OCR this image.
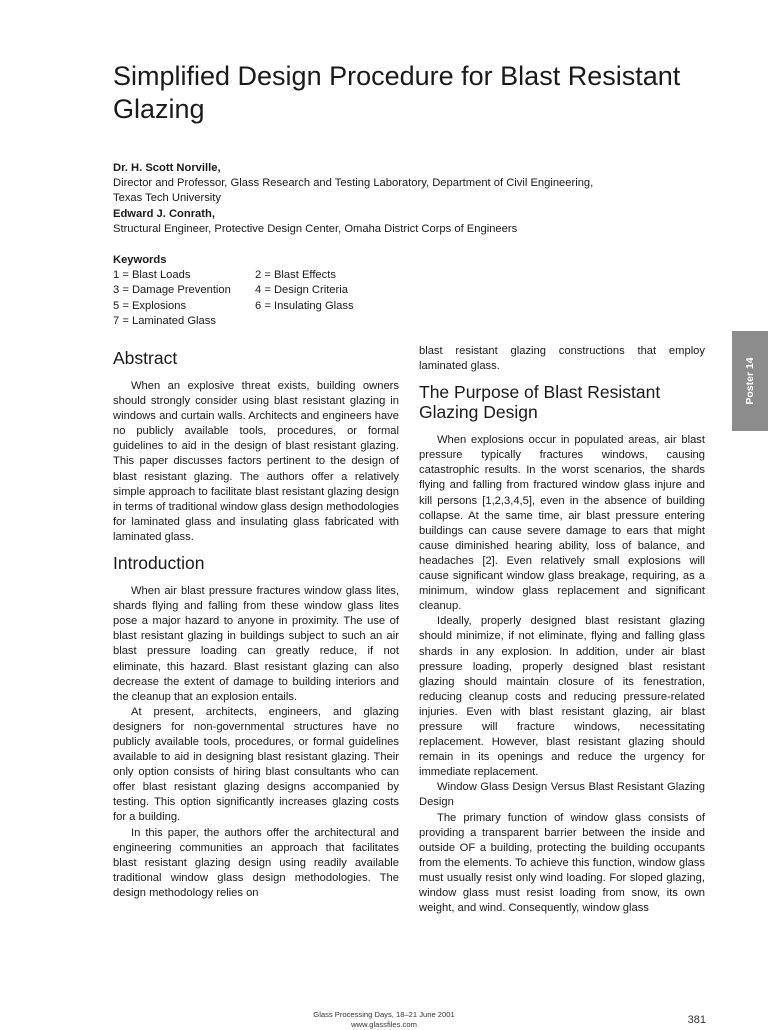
Simplified Design Procedure for Blast Resistant Glazing
Dr. H. Scott Norville,
Director and Professor, Glass Research and Testing Laboratory, Department of Civil Engineering,
Texas Tech University
Edward J. Conrath,
Structural Engineer, Protective Design Center, Omaha District Corps of Engineers
Keywords
1 = Blast Loads	2 = Blast Effects
3 = Damage Prevention	4 = Design Criteria
5 = Explosions	6 = Insulating Glass
7 = Laminated Glass
Abstract

When an explosive threat exists, building owners should strongly consider using blast resistant glazing in windows and curtain walls. Architects and engineers have no publicly available tools, procedures, or formal guidelines to aid in the design of blast resistant glazing. This paper discusses factors pertinent to the design of blast resistant glazing. The authors offer a relatively simple approach to facilitate blast resistant glazing design in terms of traditional window glass design methodologies for laminated glass and insulating glass fabricated with laminated glass.

Introduction

When air blast pressure fractures window glass lites, shards flying and falling from these window glass lites pose a major hazard to anyone in proximity. The use of blast resistant glazing in buildings subject to such an air blast pressure loading can greatly reduce, if not eliminate, this hazard. Blast resistant glazing can also decrease the extent of damage to building interiors and the cleanup that an explosion entails.

At present, architects, engineers, and glazing designers for non-governmental structures have no publicly available tools, procedures, or formal guidelines available to aid in designing blast resistant glazing. Their only option consists of hiring blast consultants who can offer blast resistant glazing designs accompanied by testing. This option significantly increases glazing costs for a building.

In this paper, the authors offer the architectural and engineering communities an approach that facilitates blast resistant glazing design using readily available traditional window glass design methodologies. The design methodology relies on

blast resistant glazing constructions that employ laminated glass.

The Purpose of Blast Resistant Glazing Design

When explosions occur in populated areas, air blast pressure typically fractures windows, causing catastrophic results. In the worst scenarios, the shards flying and falling from fractured window glass injure and kill persons [1,2,3,4,5], even in the absence of building collapse. At the same time, air blast pressure entering buildings can cause severe damage to ears that might cause diminished hearing ability, loss of balance, and headaches [2]. Even relatively small explosions will cause significant window glass breakage, requiring, as a minimum, window glass replacement and significant cleanup.

Ideally, properly designed blast resistant glazing should minimize, if not eliminate, flying and falling glass shards in any explosion. In addition, under air blast pressure loading, properly designed blast resistant glazing should maintain closure of its fenestration, reducing cleanup costs and reducing pressure-related injuries. Even with blast resistant glazing, air blast pressure will fracture windows, necessitating replacement. However, blast resistant glazing should remain in its openings and reduce the urgency for immediate replacement.

Window Glass Design Versus Blast Resistant Glazing Design

The primary function of window glass consists of providing a transparent barrier between the inside and outside OF a building, protecting the building occupants from the elements. To achieve this function, window glass must usually resist only wind loading. For sloped glazing, window glass must resist loading from snow, its own weight, and wind. Consequently, window glass

Poster 14
Glass Processing Days, 18–21 June 2001
www.glassfiles.com	381
